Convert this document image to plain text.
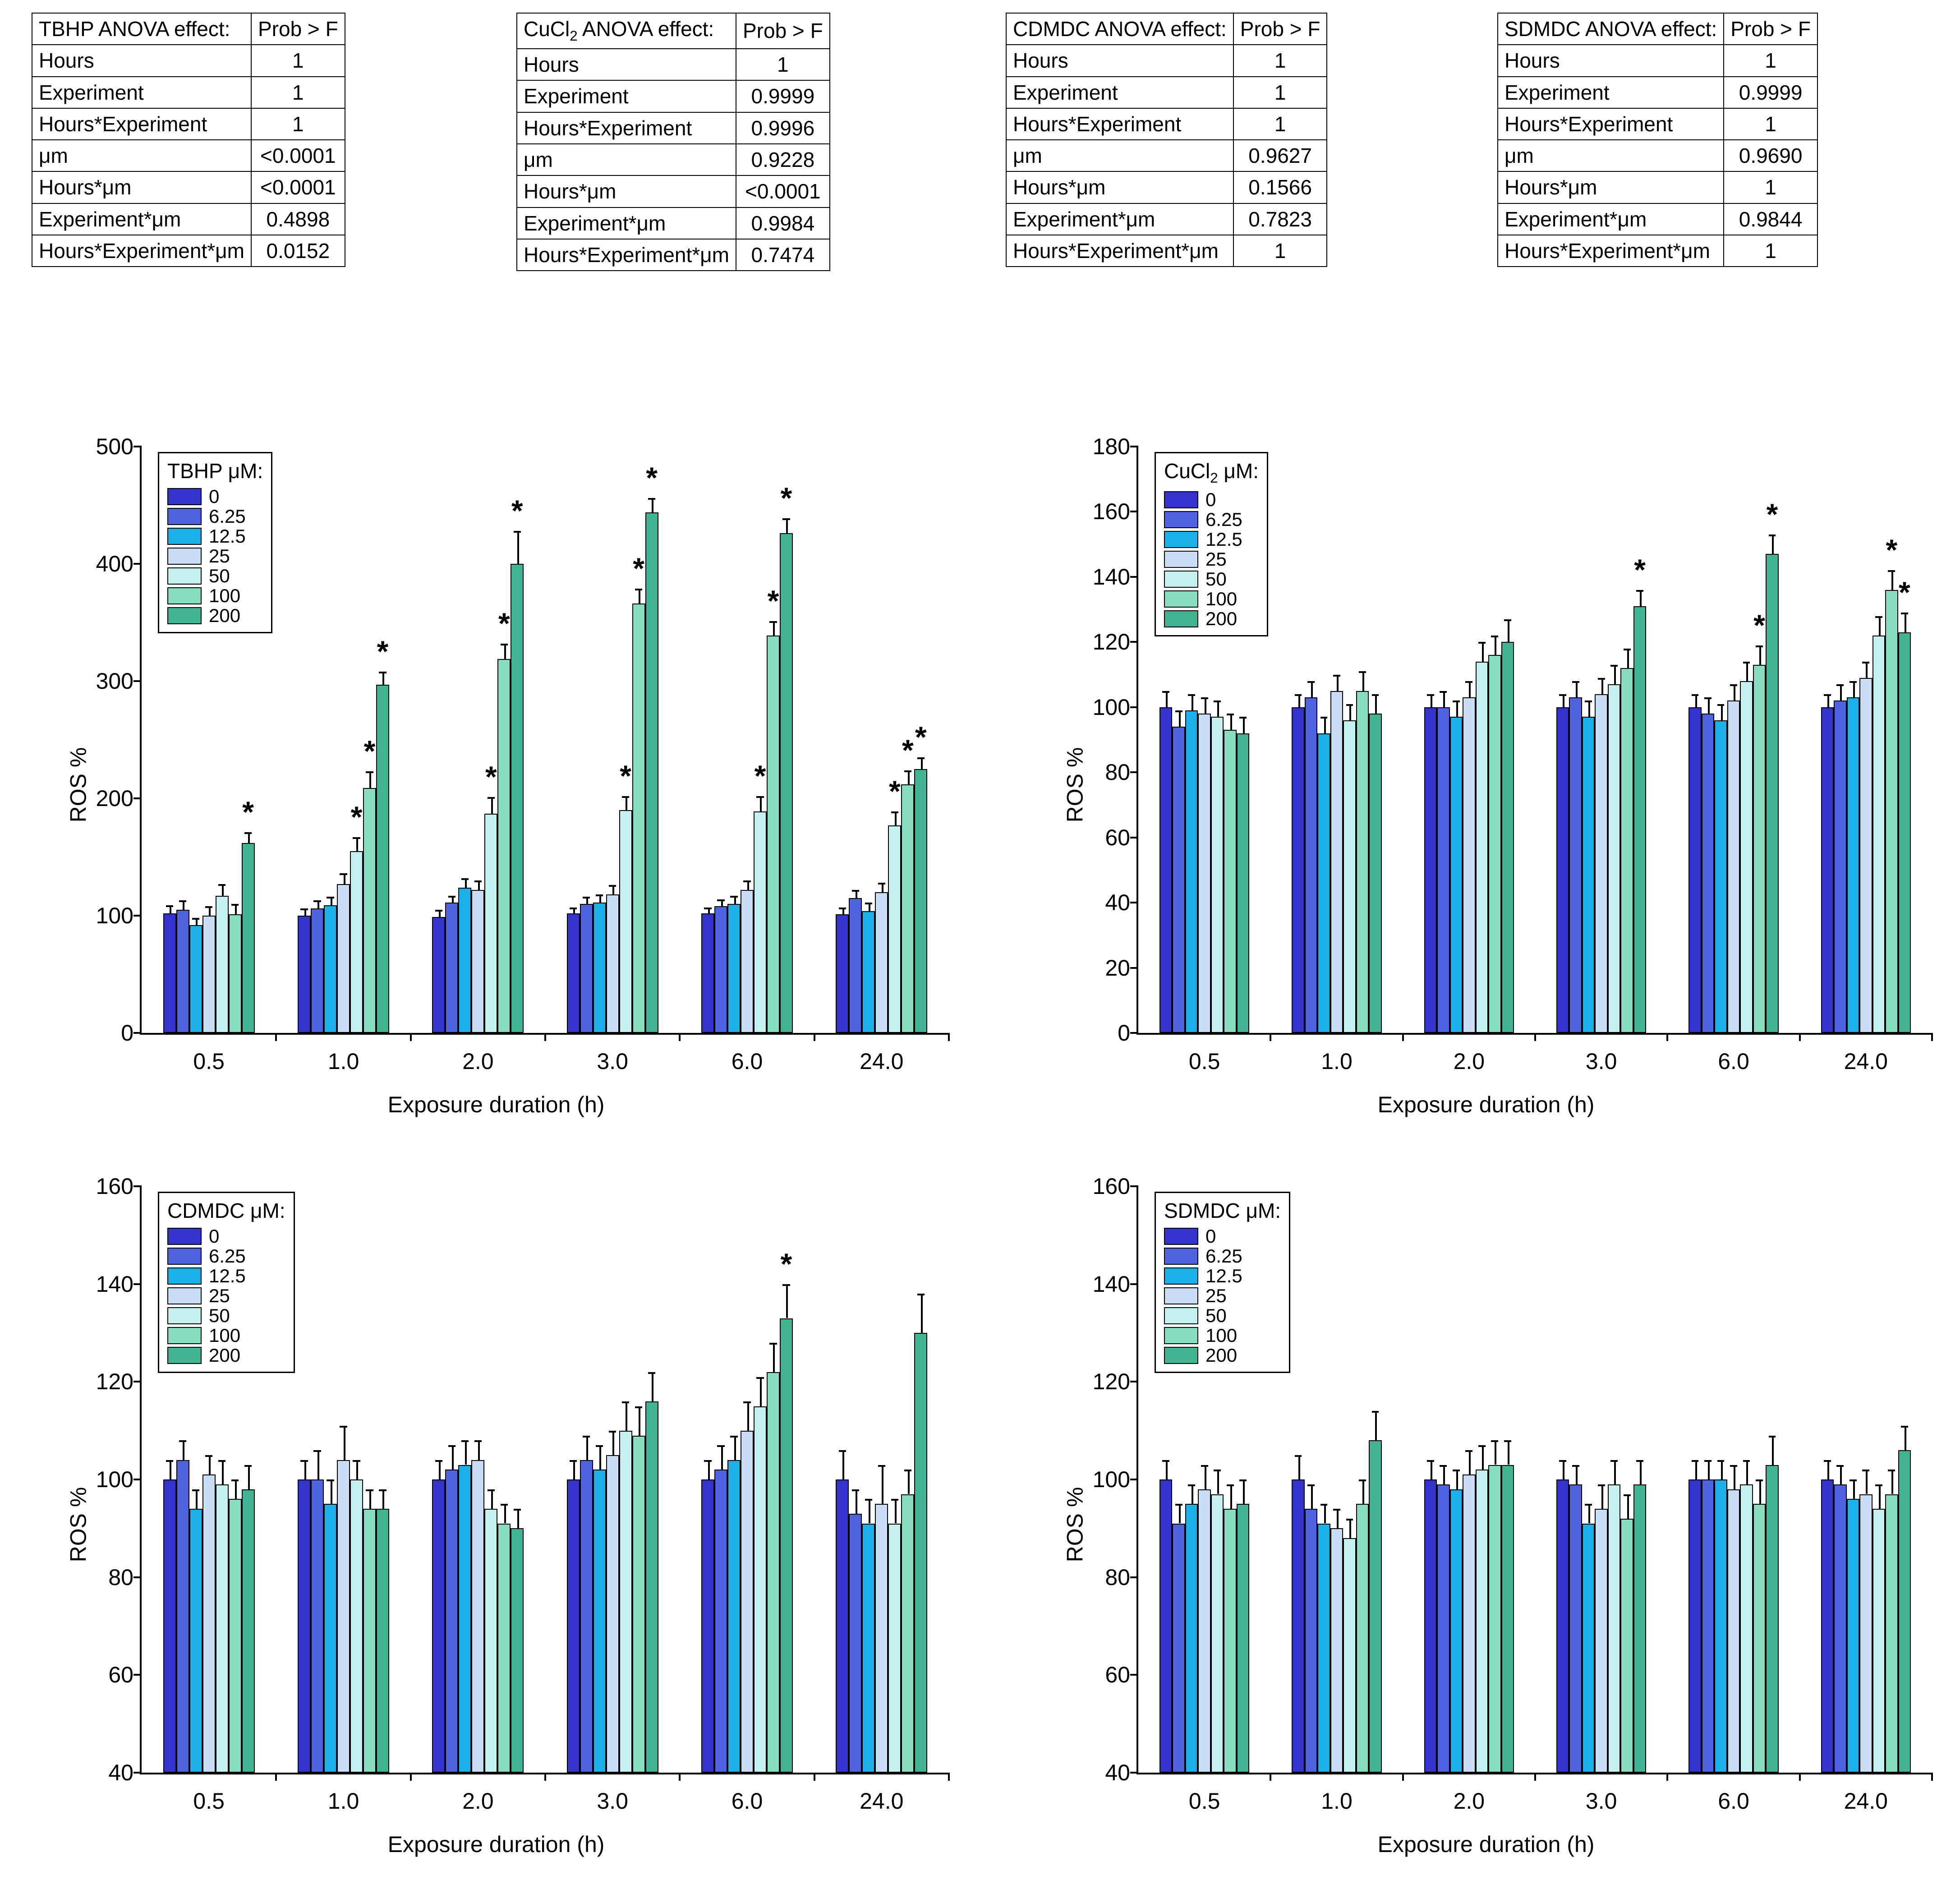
TBHP ANOVA effect:	Prob > F
Hours	1
Experiment	1
Hours*Experiment	1
μm	<0.0001
Hours*μm	<0.0001
Experiment*μm	0.4898
Hours*Experiment*μm	0.0152
CuCl$_2$ ANOVA effect:	Prob > F
Hours	1
Experiment	0.9999
Hours*Experiment	0.9996
μm	0.9228
Hours*μm	<0.0001
Experiment*μm	0.9984
Hours*Experiment*μm	0.7474
CDMDC ANOVA effect:	Prob > F
Hours	1
Experiment	1
Hours*Experiment	1
μm	0.9627
Hours*μm	0.1566
Experiment*μm	0.7823
Hours*Experiment*μm	1
SDMDC ANOVA effect:	Prob > F
Hours	1
Experiment	0.9999
Hours*Experiment	1
μm	0.9690
Hours*μm	1
Experiment*μm	0.9844
Hours*Experiment*μm	1
ROS %
0
100
200
300
400
500
0.5
*
1.0
*
*
*
2.0
*
*
*
3.0
*
*
*
6.0
*
*
*
24.0
*
* *
Exposure duration (h)
TBHP μM:
0
6.25
12.5
25
50
100
200
ROS %
0
20
40
60
80
100
120
140
160
180
0.5	1.0	2.0	3.0
*
6.0
*
*
24.0
*
*
Exposure duration (h)
CuCl$_2$ μM:
0
6.25
12.5
25
50
100
200
ROS %
40
60
80
100
120
140
160
0.5	1.0	2.0	3.0	6.0
*
24.0
Exposure duration (h)
CDMDC μM:
0
6.25
12.5
25
50
100
200
ROS %
40
60
80
100
120
140
160
0.5	1.0	2.0	3.0	6.0	24.0
Exposure duration (h)
SDMDC μM:
0
6.25
12.5
25
50
100
200
